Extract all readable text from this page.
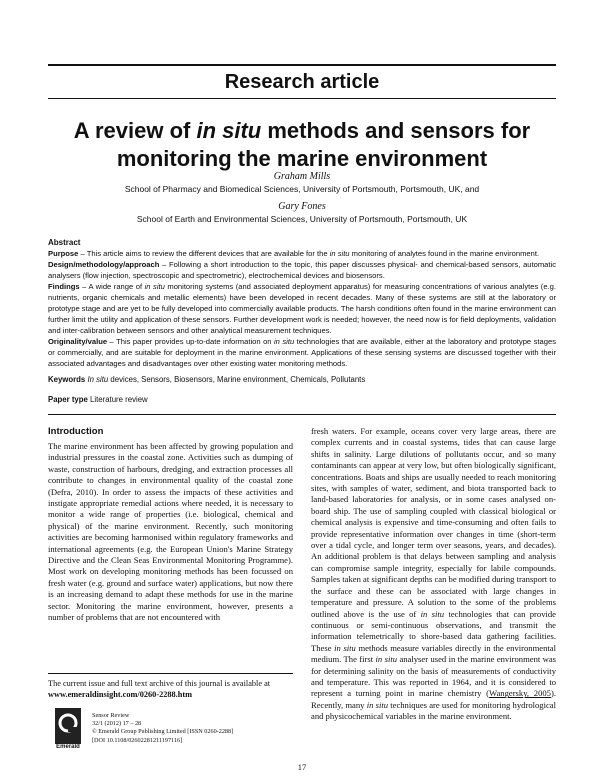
Research article
A review of in situ methods and sensors for
monitoring the marine environment
Graham Mills
School of Pharmacy and Biomedical Sciences, University of Portsmouth, Portsmouth, UK, and
Gary Fones
School of Earth and Environmental Sciences, University of Portsmouth, Portsmouth, UK

Abstract

Purpose – This article aims to review the different devices that are available for the in situ monitoring of analytes found in the marine environment.

Design/methodology/approach – Following a short introduction to the topic, this paper discusses physical- and chemical-based sensors, automatic analysers (flow injection, spectroscopic and spectrometric), electrochemical devices and biosensors.

Findings – A wide range of in situ monitoring systems (and associated deployment apparatus) for measuring concentrations of various analytes (e.g. nutrients, organic chemicals and metallic elements) have been developed in recent decades. Many of these systems are still at the laboratory or prototype stage and are yet to be fully developed into commercially available products. The harsh conditions often found in the marine environment can further limit the utility and application of these sensors. Further development work is needed; however, the need now is for field deployments, validation and inter-calibration between sensors and other analytical measurement techniques.

Originality/value – This paper provides up-to-date information on in situ technologies that are available, either at the laboratory and prototype stages or commercially, and are suitable for deployment in the marine environment. Applications of these sensing systems are discussed together with their associated advantages and disadvantages over other existing water monitoring methods.

Keywords In situ devices, Sensors, Biosensors, Marine environment, Chemicals, Pollutants
Paper type Literature review
Introduction

The marine environment has been affected by growing population and industrial pressures in the coastal zone. Activities such as dumping of waste, construction of harbours, dredging, and extraction processes all contribute to changes in environmental quality of the coastal zone (Defra, 2010). In order to assess the impacts of these activities and instigate appropriate remedial actions where needed, it is necessary to monitor a wide range of properties (i.e. biological, chemical and physical) of the marine environment. Recently, such monitoring activities are becoming harmonised within regulatory frameworks and international agreements (e.g. the European Union's Marine Strategy Directive and the Clean Seas Environmental Monitoring Programme). Most work on developing monitoring methods has been focussed on fresh water (e.g. ground and surface water) applications, but now there is an increasing demand to adapt these methods for use in the marine sector. Monitoring the marine environment, however, presents a number of problems that are not encountered with

The current issue and full text archive of this journal is available at
www.emeraldinsight.com/0260-2288.htm
Emerald
Sensor Review
32/1 (2012) 17 – 28
© Emerald Group Publishing Limited [ISSN 0260-2288]
[DOI 10.1108/02602281211197116]

fresh waters. For example, oceans cover very large areas, there are complex currents and in coastal systems, tides that can cause large shifts in salinity. Large dilutions of pollutants occur, and so many contaminants can appear at very low, but often biologically significant, concentrations. Boats and ships are usually needed to reach monitoring sites, with samples of water, sediment, and biota transported back to land-based laboratories for analysis, or in some cases analysed on-board ship. The use of sampling coupled with classical biological or chemical analysis is expensive and time-consuming and often fails to provide representative information over changes in time (short-term over a tidal cycle, and longer term over seasons, years, and decades). An additional problem is that delays between sampling and analysis can compromise sample integrity, especially for labile compounds. Samples taken at significant depths can be modified during transport to the surface and these can be associated with large changes in temperature and pressure. A solution to the some of the problems outlined above is the use of in situ technologies that can provide continuous or semi-continuous observations, and transmit the information telemetrically to shore-based data gathering facilities. These in situ methods measure variables directly in the environmental medium. The first in situ analyser used in the marine environment was for determining salinity on the basis of measurements of conductivity and temperature. This was reported in 1964, and it is considered to represent a turning point in marine chemistry (Wangersky, 2005). Recently, many in situ techniques are used for monitoring hydrological and physicochemical variables in the marine environment.

17
